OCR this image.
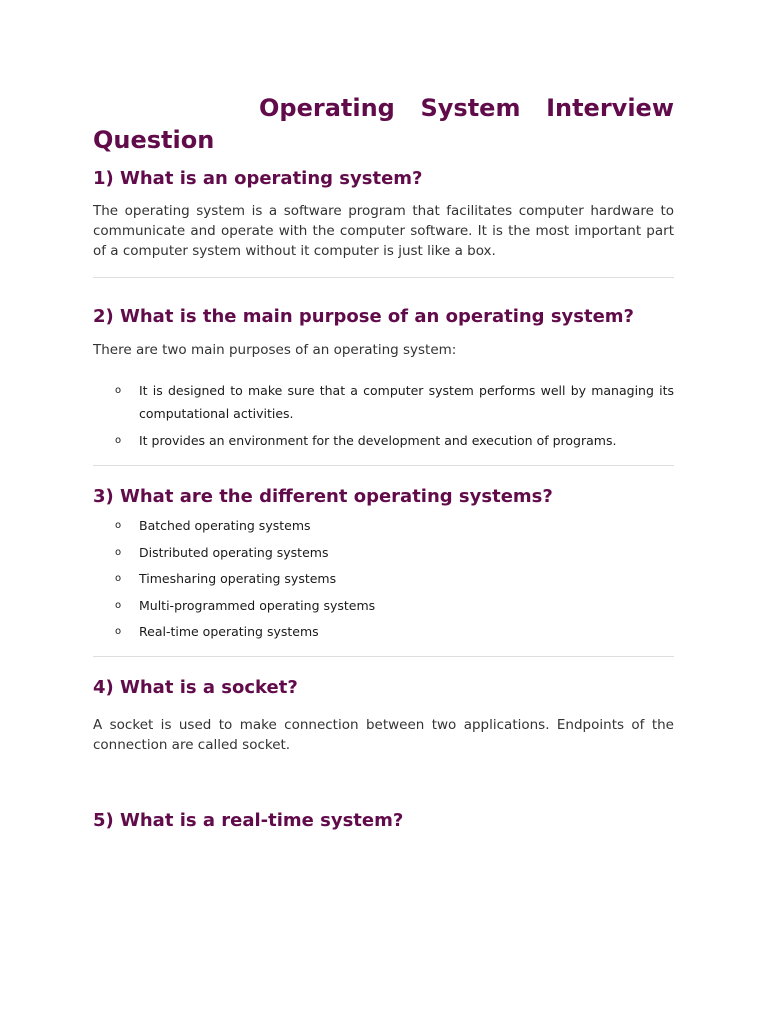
Operating System Interview Question
1) What is an operating system?

The operating system is a software program that facilitates computer hardware to communicate and operate with the computer software. It is the most important part of a computer system without it computer is just like a box.

2) What is the main purpose of an operating system?

There are two main purposes of an operating system:

o It is designed to make sure that a computer system performs well by managing its computational activities.
o It provides an environment for the development and execution of programs.
3) What are the different operating systems?
o Batched operating systems
o Distributed operating systems
o Timesharing operating systems
o Multi-programmed operating systems
o Real-time operating systems
4) What is a socket?

A socket is used to make connection between two applications. Endpoints of the connection are called socket.

5) What is a real-time system?
